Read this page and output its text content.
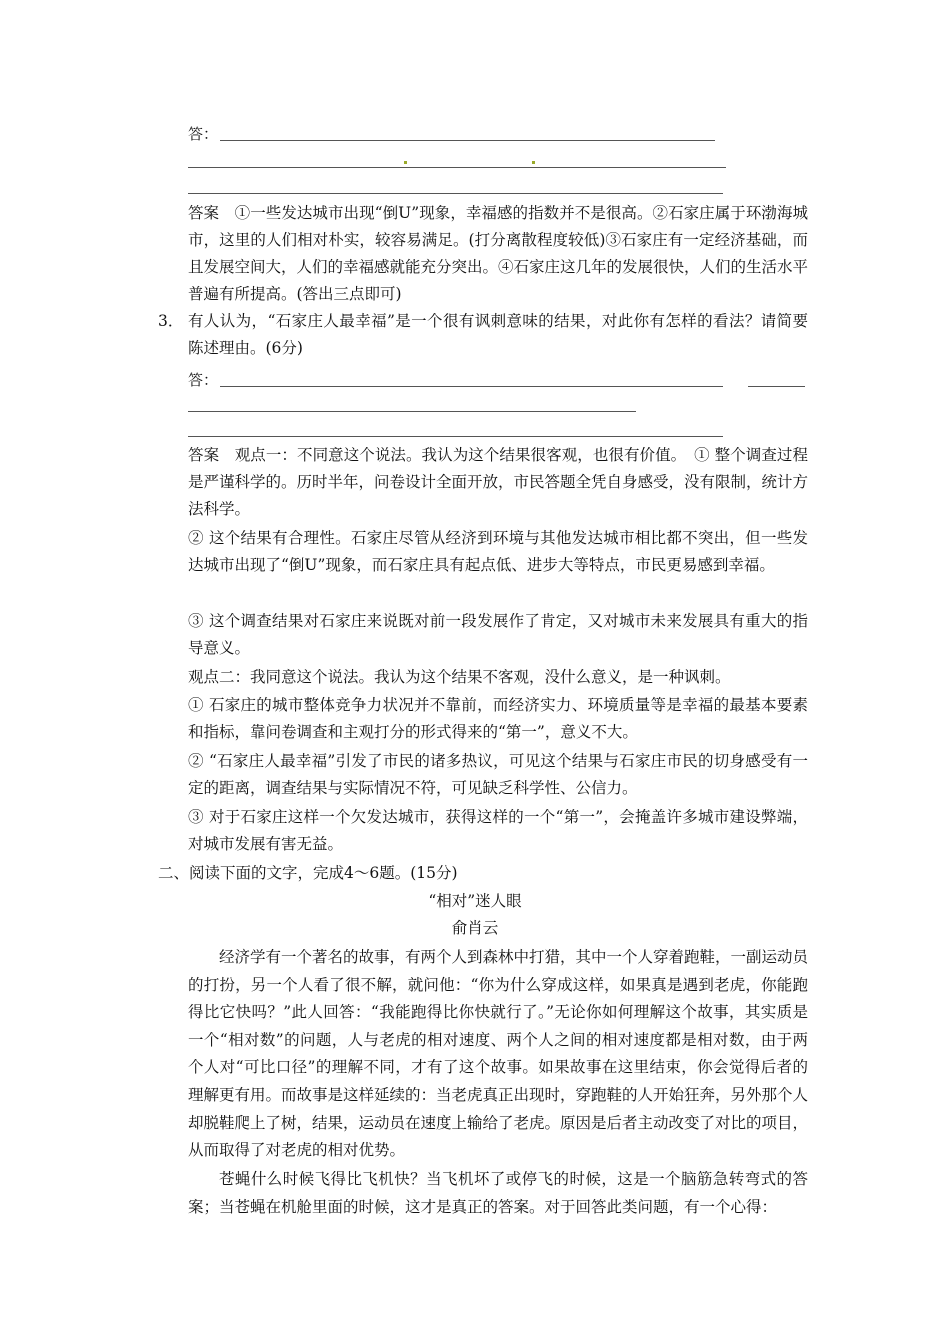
答：
答案　①一些发达城市出现“倒U”现象，幸福感的指数并不是很高。②石家庄属于环渤海城市，这里的人们相对朴实，较容易满足。(打分离散程度较低)③石家庄有一定经济基础，而且发展空间大，人们的幸福感就能充分突出。④石家庄这几年的发展很快，人们的生活水平普遍有所提高。(答出三点即可)
3． 有人认为，“石家庄人最幸福”是一个很有讽刺意味的结果，对此你有怎样的看法？请简要陈述理由。(6分)
答：
答案　观点一：不同意这个说法。我认为这个结果很客观，也很有价值。　① 整个调查过程是严谨科学的。历时半年，问卷设计全面开放，市民答题全凭自身感受，没有限制，统计方法科学。
② 这个结果有合理性。石家庄尽管从经济到环境与其他发达城市相比都不突出，但一些发达城市出现了“倒U”现象，而石家庄具有起点低、进步大等特点，市民更易感到幸福。
③ 这个调查结果对石家庄来说既对前一段发展作了肯定，又对城市未来发展具有重大的指导意义。
观点二：我同意这个说法。我认为这个结果不客观，没什么意义，是一种讽刺。
① 石家庄的城市整体竞争力状况并不靠前，而经济实力、环境质量等是幸福的最基本要素和指标，靠问卷调查和主观打分的形式得来的“第一”，意义不大。
② “石家庄人最幸福”引发了市民的诸多热议，可见这个结果与石家庄市民的切身感受有一定的距离，调查结果与实际情况不符，可见缺乏科学性、公信力。
③ 对于石家庄这样一个欠发达城市，获得这样的一个“第一”，会掩盖许多城市建设弊端，对城市发展有害无益。
二、阅读下面的文字，完成4～6题。(15分)
“相对”迷人眼
俞肖云
经济学有一个著名的故事，有两个人到森林中打猎，其中一个人穿着跑鞋，一副运动员的打扮，另一个人看了很不解，就问他：“你为什么穿成这样，如果真是遇到老虎，你能跑得比它快吗？”此人回答：“我能跑得比你快就行了。”无论你如何理解这个故事，其实质是一个“相对数”的问题，人与老虎的相对速度、两个人之间的相对速度都是相对数，由于两个人对“可比口径”的理解不同，才有了这个故事。如果故事在这里结束，你会觉得后者的理解更有用。而故事是这样延续的：当老虎真正出现时，穿跑鞋的人开始狂奔，另外那个人却脱鞋爬上了树，结果，运动员在速度上输给了老虎。原因是后者主动改变了对比的项目，从而取得了对老虎的相对优势。
苍蝇什么时候飞得比飞机快？当飞机坏了或停飞的时候，这是一个脑筋急转弯式的答案；当苍蝇在机舱里面的时候，这才是真正的答案。对于回答此类问题，有一个心得：
